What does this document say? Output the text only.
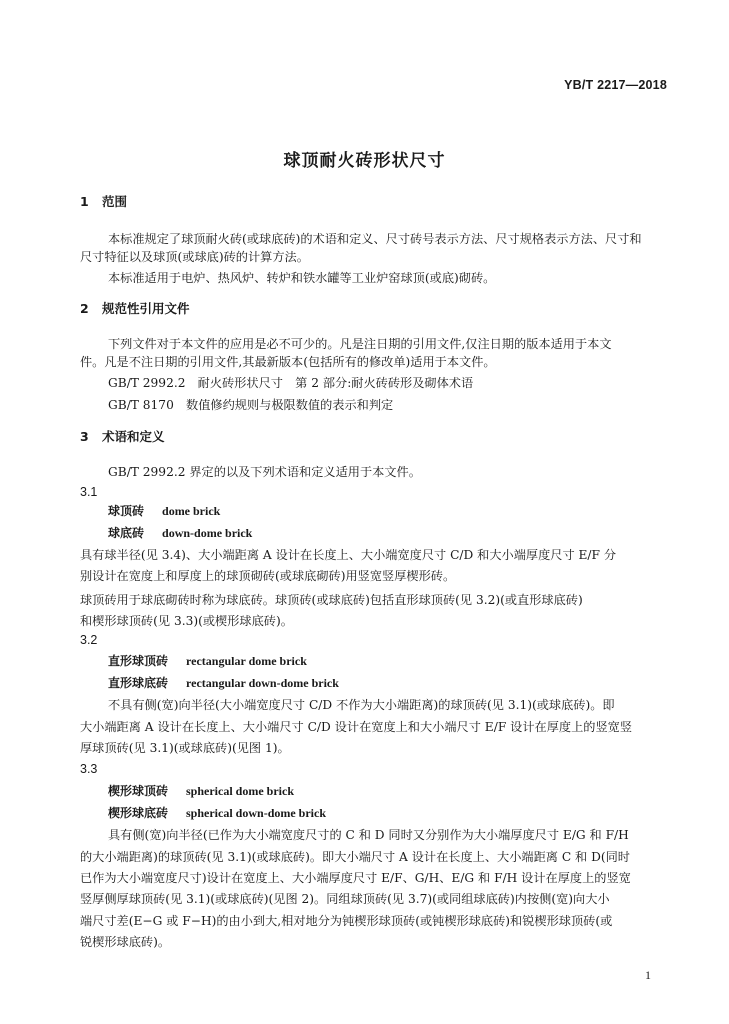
YB/T 2217—2018
球顶耐火砖形状尺寸
1 范围
本标准规定了球顶耐火砖(或球底砖)的术语和定义、尺寸砖号表示方法、尺寸规格表示方法、尺寸和
尺寸特征以及球顶(或球底)砖的计算方法。
本标准适用于电炉、热风炉、转炉和铁水罐等工业炉窑球顶(或底)砌砖。
2 规范性引用文件
下列文件对于本文件的应用是必不可少的。凡是注日期的引用文件,仅注日期的版本适用于本文
件。凡是不注日期的引用文件,其最新版本(包括所有的修改单)适用于本文件。
GB/T 2992.2　耐火砖形状尺寸　第 2 部分:耐火砖砖形及砌体术语
GB/T 8170　数值修约规则与极限数值的表示和判定
3 术语和定义
GB/T 2992.2 界定的以及下列术语和定义适用于本文件。
3.1
球顶砖 dome brick
球底砖 down-dome brick
具有球半径(见 3.4)、大小端距离 A 设计在长度上、大小端宽度尺寸 C/D 和大小端厚度尺寸 E/F 分
别设计在宽度上和厚度上的球顶砌砖(或球底砌砖)用竖宽竖厚楔形砖。
球顶砖用于球底砌砖时称为球底砖。球顶砖(或球底砖)包括直形球顶砖(见 3.2)(或直形球底砖)
和楔形球顶砖(见 3.3)(或楔形球底砖)。
3.2
直形球顶砖 rectangular dome brick
直形球底砖 rectangular down-dome brick
不具有侧(宽)向半径(大小端宽度尺寸 C/D 不作为大小端距离)的球顶砖(见 3.1)(或球底砖)。即
大小端距离 A 设计在长度上、大小端尺寸 C/D 设计在宽度上和大小端尺寸 E/F 设计在厚度上的竖宽竖
厚球顶砖(见 3.1)(或球底砖)(见图 1)。
3.3
楔形球顶砖 spherical dome brick
楔形球底砖 spherical down-dome brick
具有侧(宽)向半径(已作为大小端宽度尺寸的 C 和 D 同时又分别作为大小端厚度尺寸 E/G 和 F/H
的大小端距离)的球顶砖(见 3.1)(或球底砖)。即大小端尺寸 A 设计在长度上、大小端距离 C 和 D(同时
已作为大小端宽度尺寸)设计在宽度上、大小端厚度尺寸 E/F、G/H、E/G 和 F/H 设计在厚度上的竖宽
竖厚侧厚球顶砖(见 3.1)(或球底砖)(见图 2)。同组球顶砖(见 3.7)(或同组球底砖)内按侧(宽)向大小
端尺寸差(E−G 或 F−H)的由小到大,相对地分为钝楔形球顶砖(或钝楔形球底砖)和锐楔形球顶砖(或
锐楔形球底砖)。
1
